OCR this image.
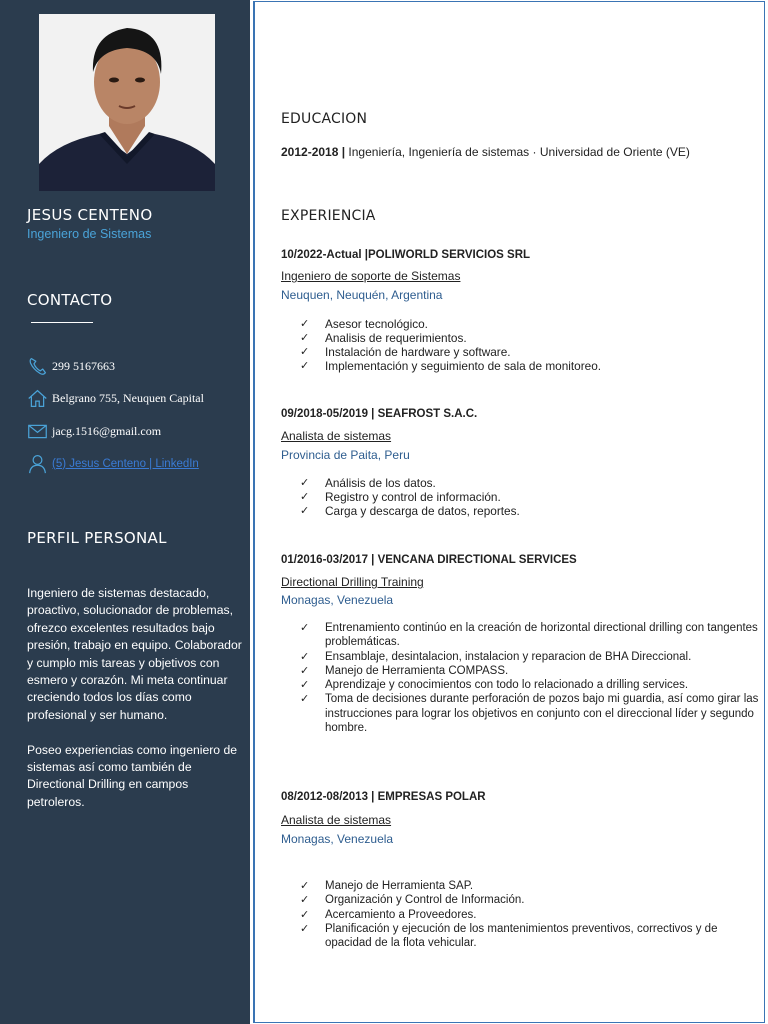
JESUS CENTENO
Ingeniero de Sistemas
CONTACTO
299 5167663
Belgrano 755, Neuquen Capital
jacg.1516@gmail.com
(5) Jesus Centeno | LinkedIn
PERFIL PERSONAL

Ingeniero de sistemas destacado, proactivo, solucionador de problemas, ofrezco excelentes resultados bajo presión, trabajo en equipo. Colaborador y cumplo mis tareas y objetivos con esmero y corazón. Mi meta continuar creciendo todos los días como profesional y ser humano.

Poseo experiencias como ingeniero de sistemas así como también de Directional Drilling en campos petroleros.

EDUCACION
2012-2018 | Ingeniería, Ingeniería de sistemas · Universidad de Oriente (VE)
EXPERIENCIA
10/2022-Actual |POLIWORLD SERVICIOS SRL
Ingeniero de soporte de Sistemas
Neuquen, Neuquén, Argentina
✓ Asesor tecnológico.
✓ Analisis de requerimientos.
✓ Instalación de hardware y software.
✓ Implementación y seguimiento de sala de monitoreo.
09/2018-05/2019 | SEAFROST S.A.C.
Analista de sistemas
Provincia de Paita, Peru
✓ Análisis de los datos.
✓ Registro y control de información.
✓ Carga y descarga de datos, reportes.
01/2016-03/2017 | VENCANA DIRECTIONAL SERVICES
Directional Drilling Training
Monagas, Venezuela
✓ Entrenamiento continúo en la creación de horizontal directional drilling con tangentes problemáticas.
✓ Ensamblaje, desintalacion, instalacion y reparacion de BHA Direccional.
✓ Manejo de Herramienta COMPASS.
✓ Aprendizaje y conocimientos con todo lo relacionado a drilling services.
✓ Toma de decisiones durante perforación de pozos bajo mi guardia, así como girar las instrucciones para lograr los objetivos en conjunto con el direccional líder y segundo hombre.
08/2012-08/2013 | EMPRESAS POLAR
Analista de sistemas
Monagas, Venezuela
✓ Manejo de Herramienta SAP.
✓ Organización y Control de Información.
✓ Acercamiento a Proveedores.
✓ Planificación y ejecución de los mantenimientos preventivos, correctivos y de opacidad de la flota vehicular.
